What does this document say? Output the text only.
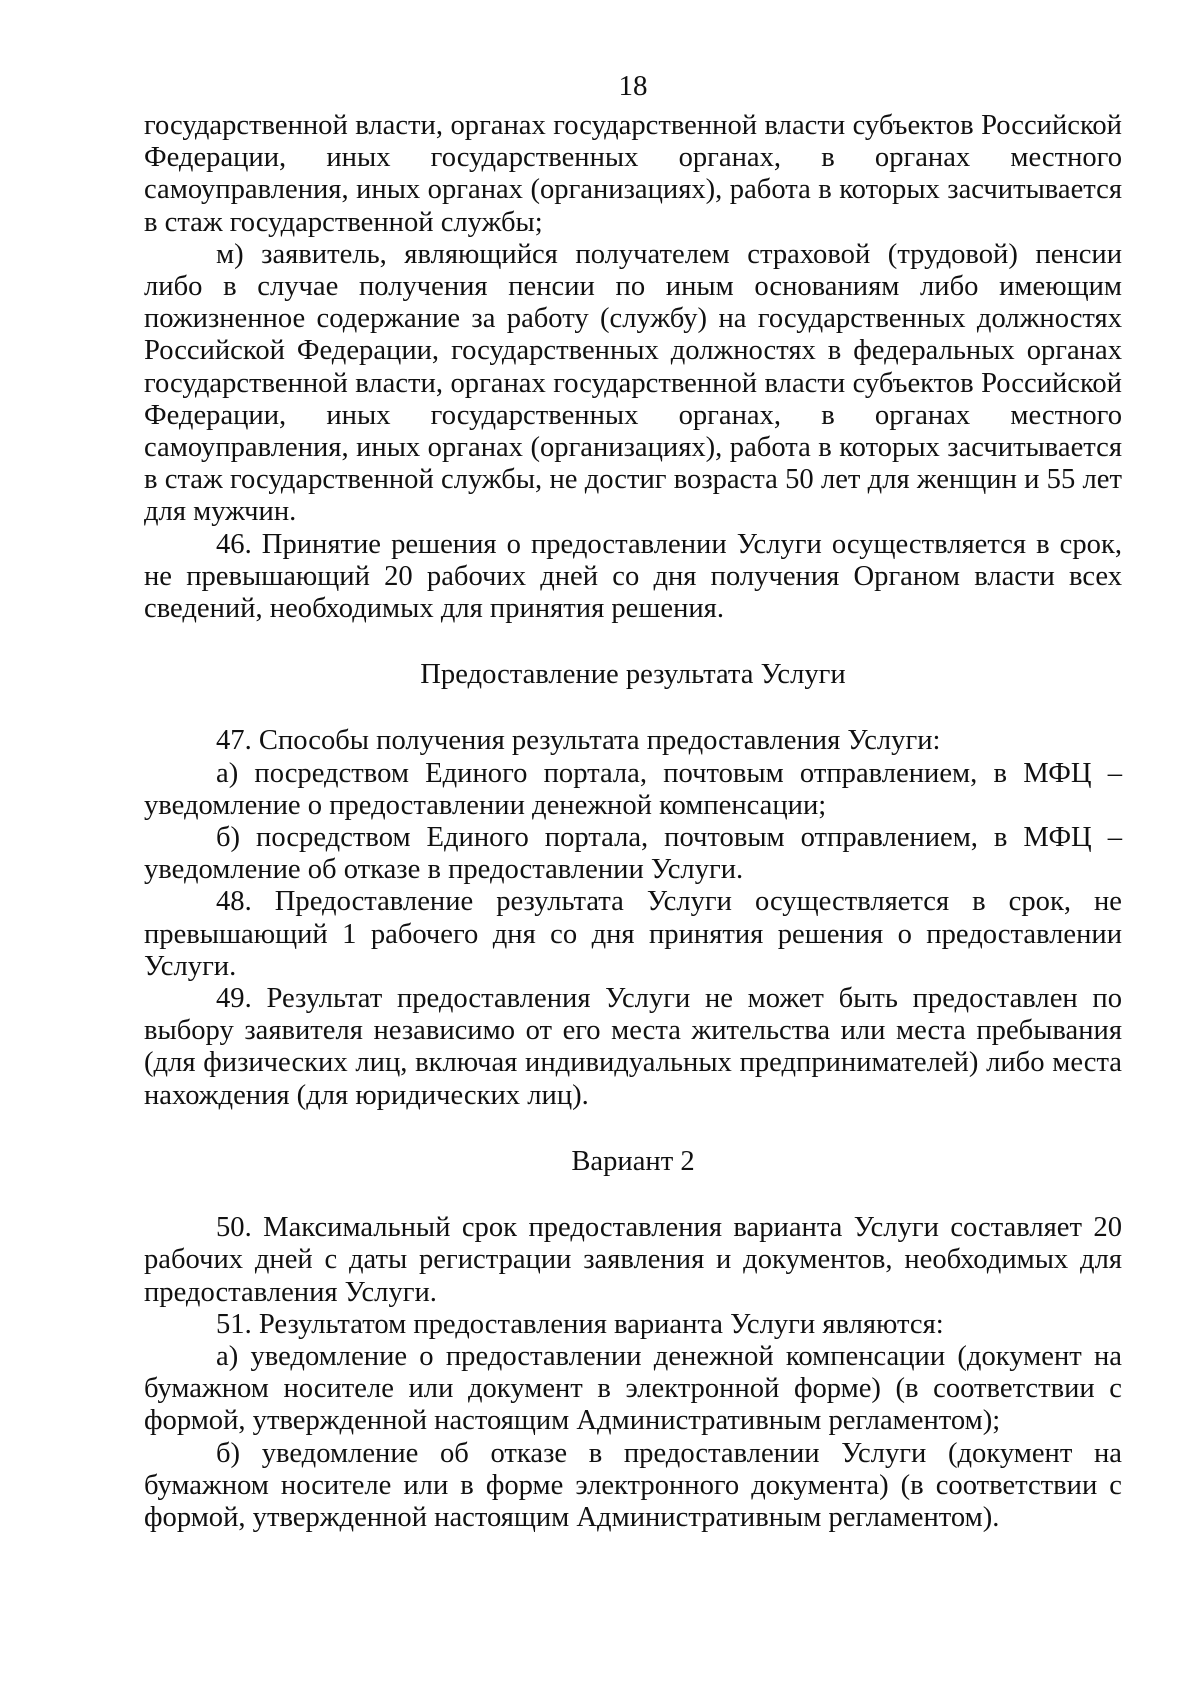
18

государственной власти, органах государственной власти субъектов Российской Федерации, иных государственных органах, в органах местного самоуправления, иных органах (организациях), работа в которых засчитывается в стаж государственной службы;

м) заявитель, являющийся получателем страховой (трудовой) пенсии либо в случае получения пенсии по иным основаниям либо имеющим пожизненное содержание за работу (службу) на государственных должностях Российской Федерации, государственных должностях в федеральных органах государственной власти, органах государственной власти субъектов Российской Федерации, иных государственных органах, в органах местного самоуправления, иных органах (организациях), работа в которых засчитывается в стаж государственной службы, не достиг возраста 50 лет для женщин и 55 лет для мужчин.

46. Принятие решения о предоставлении Услуги осуществляется в срок, не превышающий 20 рабочих дней со дня получения Органом власти всех сведений, необходимых для принятия решения.

Предоставление результата Услуги

47. Способы получения результата предоставления Услуги:

а) посредством Единого портала, почтовым отправлением, в МФЦ – уведомление о предоставлении денежной компенсации;

б) посредством Единого портала, почтовым отправлением, в МФЦ – уведомление об отказе в предоставлении Услуги.

48. Предоставление результата Услуги осуществляется в срок, не превышающий 1 рабочего дня со дня принятия решения о предоставлении Услуги.

49. Результат предоставления Услуги не может быть предоставлен по выбору заявителя независимо от его места жительства или места пребывания (для физических лиц, включая индивидуальных предпринимателей) либо места нахождения (для юридических лиц).

Вариант 2

50. Максимальный срок предоставления варианта Услуги составляет 20 рабочих дней с даты регистрации заявления и документов, необходимых для предоставления Услуги.

51. Результатом предоставления варианта Услуги являются:

а) уведомление о предоставлении денежной компенсации (документ на бумажном носителе или документ в электронной форме) (в соответствии с формой, утвержденной настоящим Административным регламентом);

б) уведомление об отказе в предоставлении Услуги (документ на бумажном носителе или в форме электронного документа) (в соответствии с формой, утвержденной настоящим Административным регламентом).
